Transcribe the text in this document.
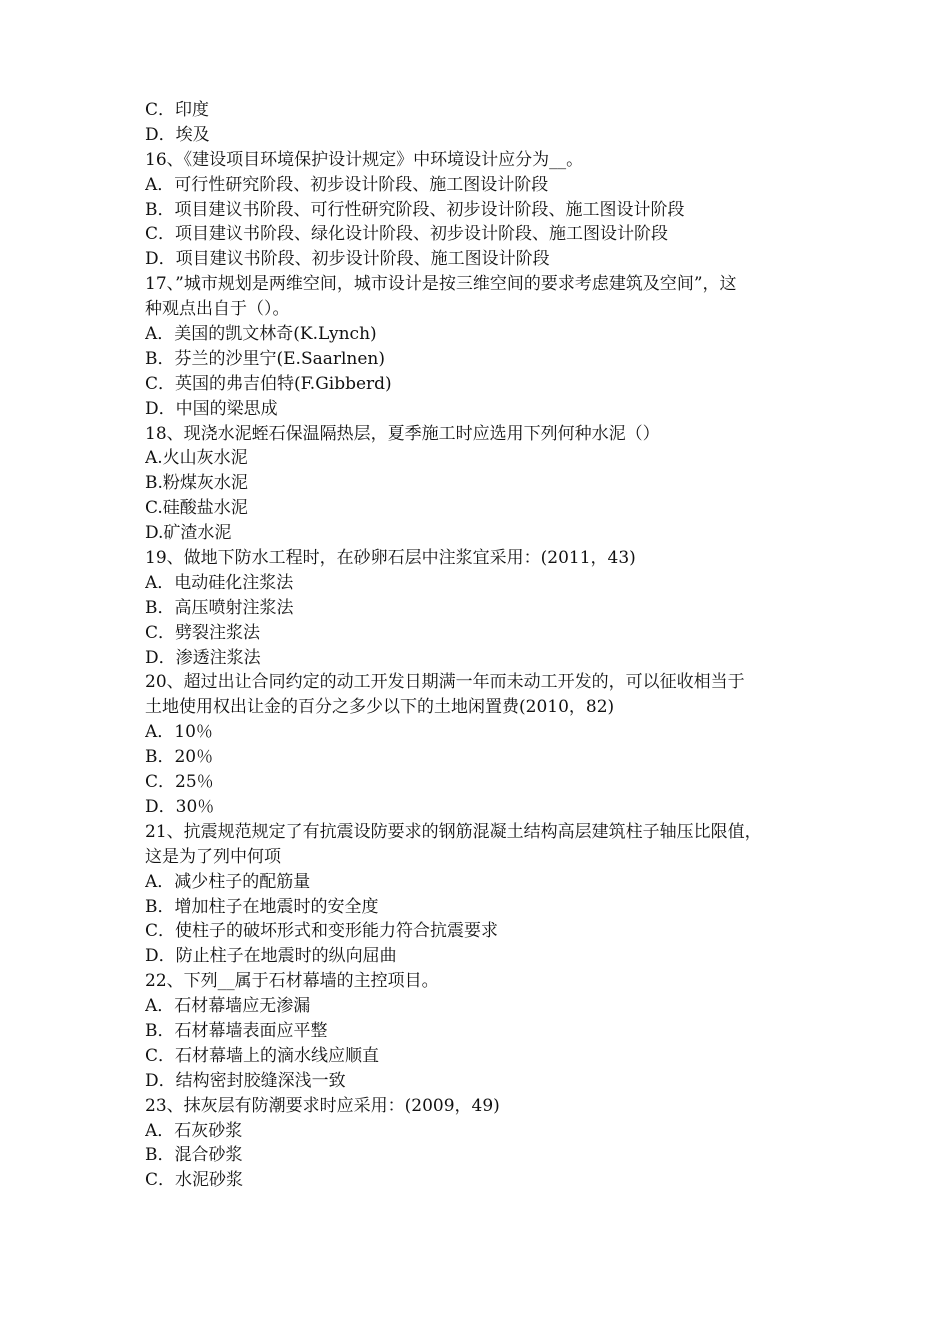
C．印度
D．埃及
16、《建设项目环境保护设计规定》中环境设计应分为__。
A．可行性研究阶段、初步设计阶段、施工图设计阶段
B．项目建议书阶段、可行性研究阶段、初步设计阶段、施工图设计阶段
C．项目建议书阶段、绿化设计阶段、初步设计阶段、施工图设计阶段
D．项目建议书阶段、初步设计阶段、施工图设计阶段
17、”城市规划是两维空间，城市设计是按三维空间的要求考虑建筑及空间”，这
种观点出自于（）。
A．美国的凯文林奇(K.Lynch)
B．芬兰的沙里宁(E.Saarlnen)
C．英国的弗吉伯特(F.Gibberd)
D．中国的梁思成
18、现浇水泥蛭石保温隔热层，夏季施工时应选用下列何种水泥（）
A.火山灰水泥
B.粉煤灰水泥
C.硅酸盐水泥
D.矿渣水泥
19、做地下防水工程时，在砂卵石层中注浆宜采用：(2011，43)
A．电动硅化注浆法
B．高压喷射注浆法
C．劈裂注浆法
D．渗透注浆法
20、超过出让合同约定的动工开发日期满一年而未动工开发的，可以征收相当于
土地使用权出让金的百分之多少以下的土地闲置费(2010，82)
A．10％
B．20％
C．25％
D．30％
21、抗震规范规定了有抗震设防要求的钢筋混凝土结构高层建筑柱子轴压比限值，
这是为了列中何项
A．减少柱子的配筋量
B．增加柱子在地震时的安全度
C．使柱子的破坏形式和变形能力符合抗震要求
D．防止柱子在地震时的纵向屈曲
22、下列__属于石材幕墙的主控项目。
A．石材幕墙应无渗漏
B．石材幕墙表面应平整
C．石材幕墙上的滴水线应顺直
D．结构密封胶缝深浅一致
23、抹灰层有防潮要求时应采用：(2009，49)
A．石灰砂浆
B．混合砂浆
C．水泥砂浆
